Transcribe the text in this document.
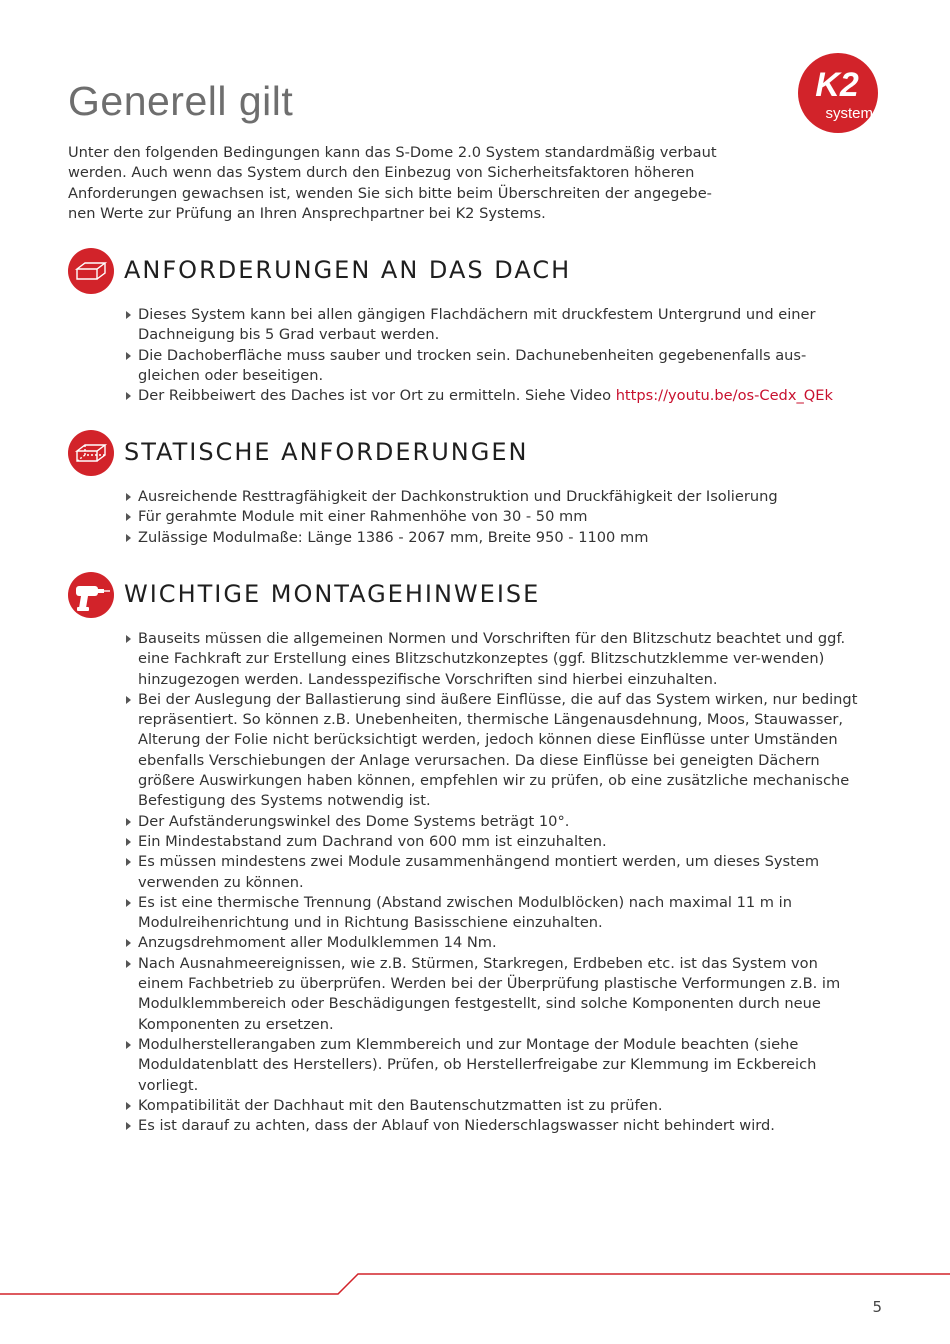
Generell gilt	K2
systems

Unter den folgenden Bedingungen kann das S-Dome 2.0 System standardmäßig verbaut werden. Auch wenn das System durch den Einbezug von Sicherheitsfaktoren höheren Anforderungen gewachsen ist, wenden Sie sich bitte beim Überschreiten der angegebe-nen Werte zur Prüfung an Ihren Ansprechpartner bei K2 Systems.

ANFORDERUNGEN AN DAS DACH
Dieses System kann bei allen gängigen Flachdächern mit druckfestem Untergrund und einer Dachneigung bis 5 Grad verbaut werden.
Die Dachoberfläche muss sauber und trocken sein. Dachunebenheiten gegebenenfalls aus-gleichen oder beseitigen.
Der Reibbeiwert des Daches ist vor Ort zu ermitteln. Siehe Video https://youtu.be/os-Cedx_QEk
STATISCHE ANFORDERUNGEN
Ausreichende Resttragfähigkeit der Dachkonstruktion und Druckfähigkeit der Isolierung
Für gerahmte Module mit einer Rahmenhöhe von 30 - 50 mm
Zulässige Modulmaße: Länge 1386 - 2067 mm, Breite 950 - 1100 mm
WICHTIGE MONTAGEHINWEISE
Bauseits müssen die allgemeinen Normen und Vorschriften für den Blitzschutz beachtet und ggf. eine Fachkraft zur Erstellung eines Blitzschutzkonzeptes (ggf. Blitzschutzklemme ver-wenden) hinzugezogen werden. Landesspezifische Vorschriften sind hierbei einzuhalten.
Bei der Auslegung der Ballastierung sind äußere Einflüsse, die auf das System wirken, nur bedingt repräsentiert. So können z.B. Unebenheiten, thermische Längenausdehnung, Moos, Stauwasser, Alterung der Folie nicht berücksichtigt werden, jedoch können diese Einflüsse unter Umständen ebenfalls Verschiebungen der Anlage verursachen. Da diese Einflüsse bei geneigten Dächern größere Auswirkungen haben können, empfehlen wir zu prüfen, ob eine zusätzliche mechanische Befestigung des Systems notwendig ist.
Der Aufständerungswinkel des Dome Systems beträgt 10°.
Ein Mindestabstand zum Dachrand von 600 mm ist einzuhalten.
Es müssen mindestens zwei Module zusammenhängend montiert werden, um dieses System verwenden zu können.
Es ist eine thermische Trennung (Abstand zwischen Modulblöcken) nach maximal 11 m in Modulreihenrichtung und in Richtung Basisschiene einzuhalten.
Anzugsdrehmoment aller Modulklemmen 14 Nm.
Nach Ausnahmeereignissen, wie z.B. Stürmen, Starkregen, Erdbeben etc. ist das System von einem Fachbetrieb zu überprüfen. Werden bei der Überprüfung plastische Verformungen z.B. im Modulklemmbereich oder Beschädigungen festgestellt, sind solche Komponenten durch neue Komponenten zu ersetzen.
Modulherstellerangaben zum Klemmbereich und zur Montage der Module beachten (siehe Moduldatenblatt des Herstellers). Prüfen, ob Herstellerfreigabe zur Klemmung im Eckbereich vorliegt.
Kompatibilität der Dachhaut mit den Bautenschutzmatten ist zu prüfen.
Es ist darauf zu achten, dass der Ablauf von Niederschlagswasser nicht behindert wird.
5
